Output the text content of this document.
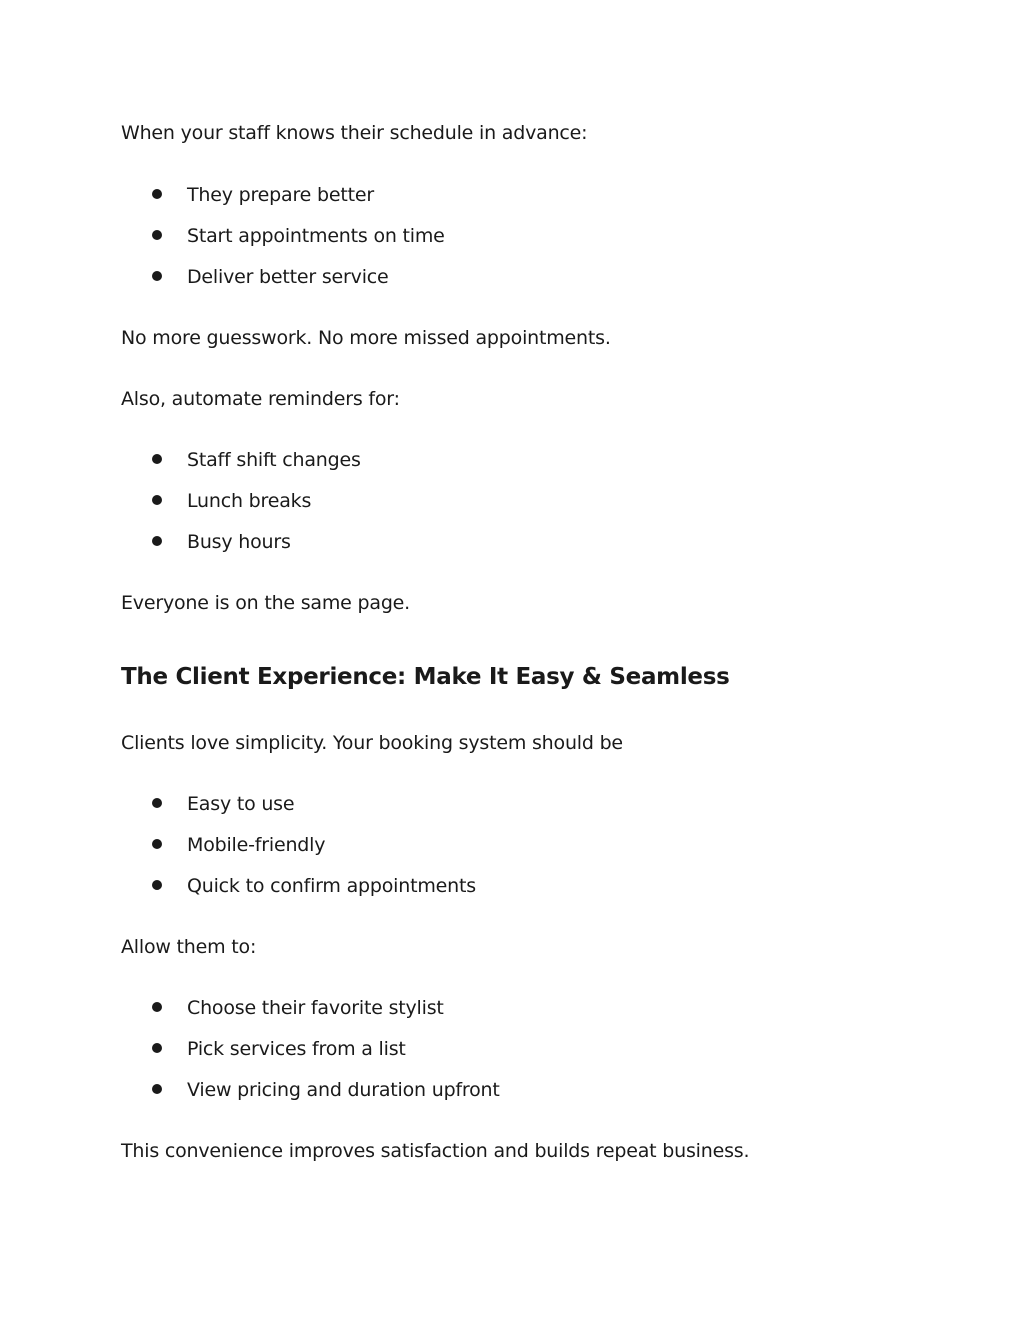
When your staff knows their schedule in advance:
They prepare better
Start appointments on time
Deliver better service
No more guesswork. No more missed appointments.
Also, automate reminders for:
Staff shift changes
Lunch breaks
Busy hours
Everyone is on the same page.
The Client Experience: Make It Easy & Seamless
Clients love simplicity. Your booking system should be
Easy to use
Mobile-friendly
Quick to confirm appointments
Allow them to:
Choose their favorite stylist
Pick services from a list
View pricing and duration upfront
This convenience improves satisfaction and builds repeat business.
